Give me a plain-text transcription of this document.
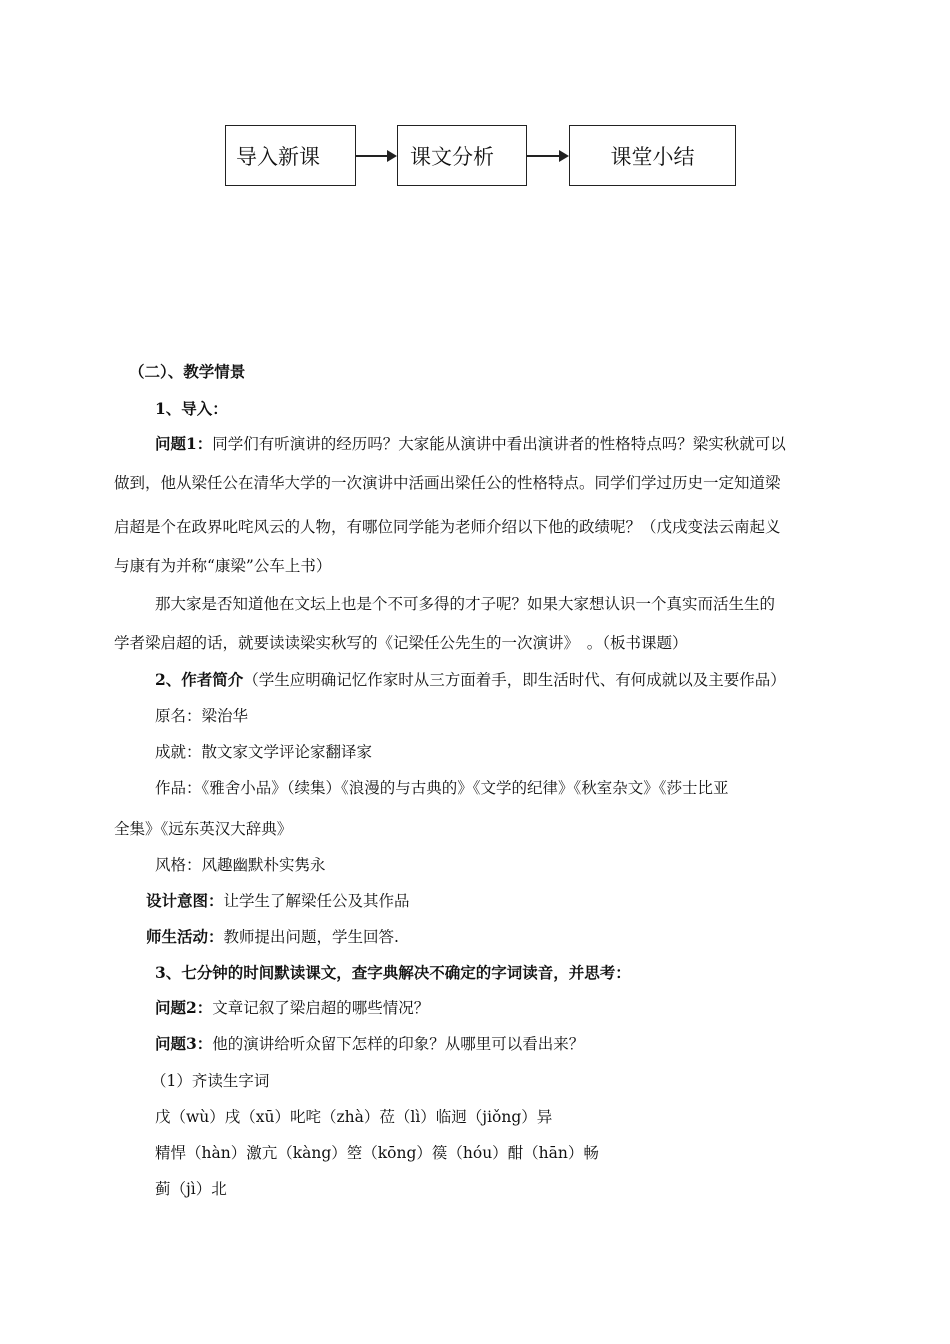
导入新课	课文分析	课堂小结
（二）、教学情景
1、导入：
问题1：同学们有听演讲的经历吗？大家能从演讲中看出演讲者的性格特点吗？梁实秋就可以
做到，他从梁任公在清华大学的一次演讲中活画出梁任公的性格特点。同学们学过历史一定知道梁
启超是个在政界叱咤风云的人物，有哪位同学能为老师介绍以下他的政绩呢？（戊戌变法云南起义
与康有为并称“康梁”公车上书）
那大家是否知道他在文坛上也是个不可多得的才子呢？如果大家想认识一个真实而活生生的
学者梁启超的话，就要读读梁实秋写的《记梁任公先生的一次演讲》　。（板书课题）
2、作者简介（学生应明确记忆作家时从三方面着手，即生活时代、有何成就以及主要作品）
原名：梁治华
成就：散文家文学评论家翻译家
作品：《雅舍小品》（续集）《浪漫的与古典的》《文学的纪律》《秋室杂文》《莎士比亚
全集》《远东英汉大辞典》
风格：风趣幽默朴实隽永
设计意图：让学生了解梁任公及其作品
师生活动：教师提出问题，学生回答.
3、七分钟的时间默读课文，查字典解决不确定的字词读音，并思考：
问题2：文章记叙了梁启超的哪些情况？
问题3：他的演讲给听众留下怎样的印象？从哪里可以看出来？
（1）齐读生字词
戊（wù）戌（xū）叱咤（zhà）莅（lì）临迥（jiǒng）异
精悍（hàn）激亢（kàng）箜（kōng）篌（hóu）酣（hān）畅
蓟（jì）北
